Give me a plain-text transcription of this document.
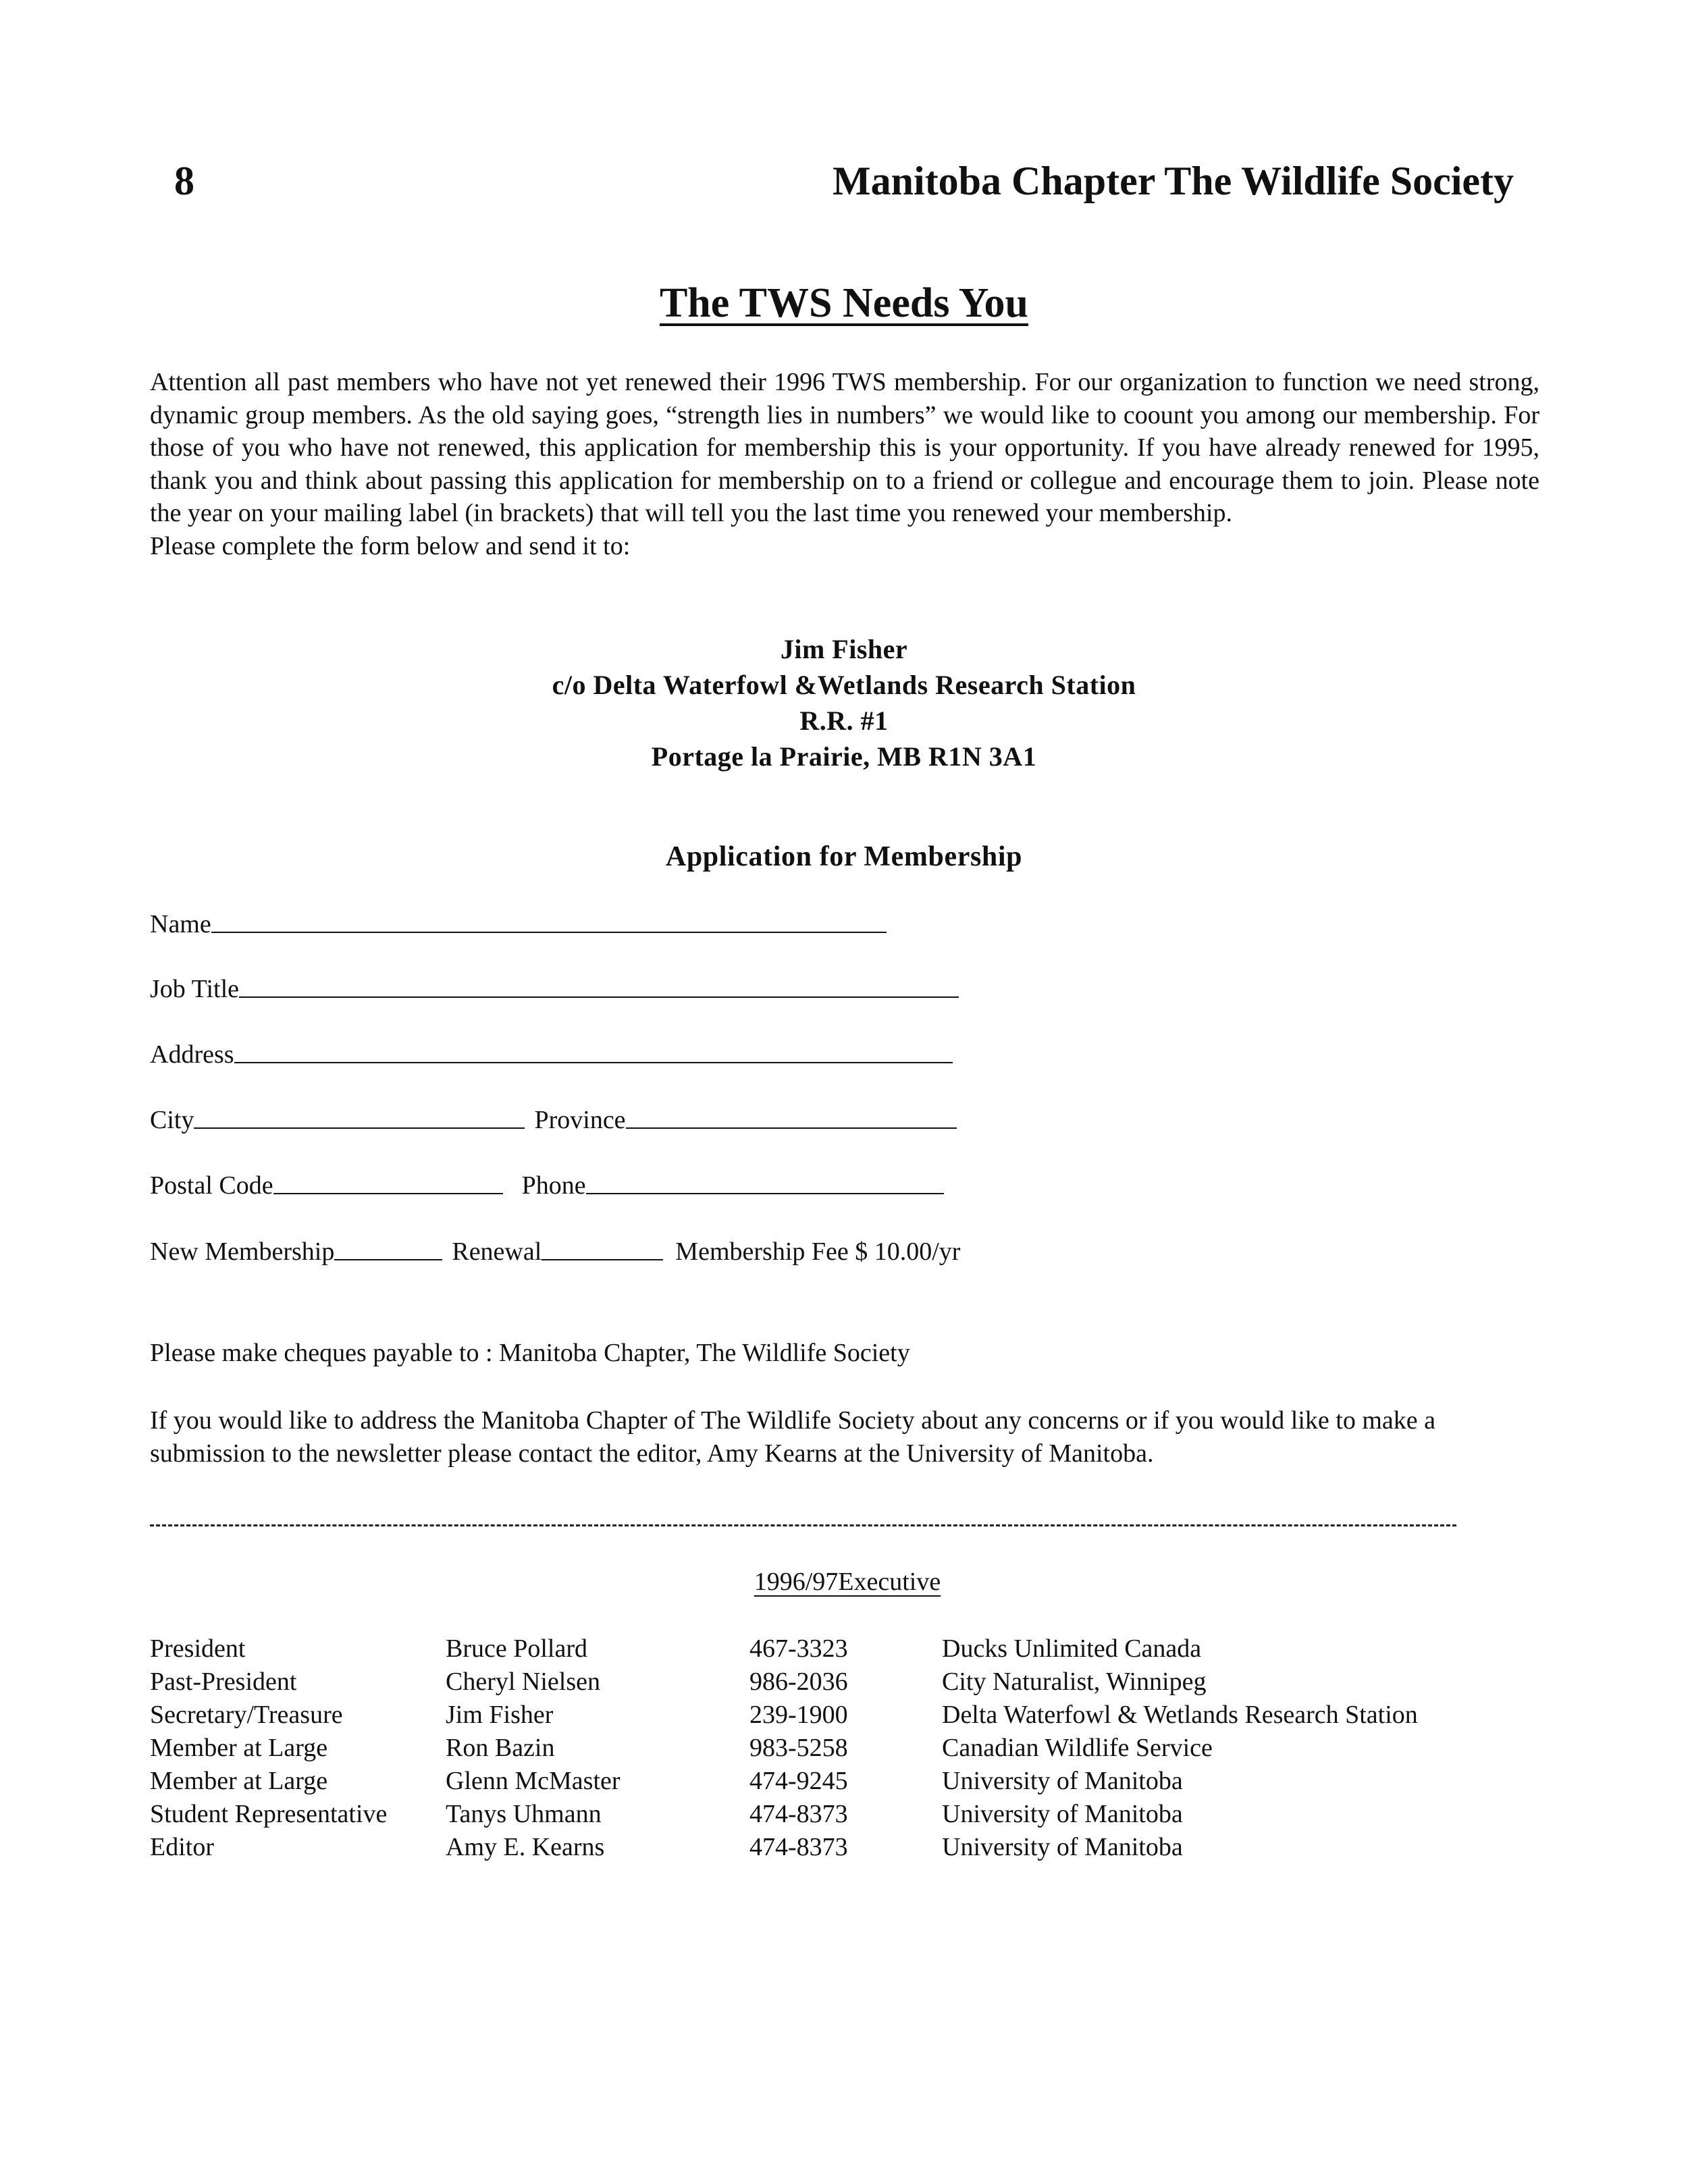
8	Manitoba Chapter The Wildlife Society
The TWS Needs You

Attention all past members who have not yet renewed their 1996 TWS membership. For our organization to function we need strong, dynamic group members. As the old saying goes, “strength lies in numbers” we would like to coount you among our membership. For those of you who have not renewed, this application for membership this is your opportunity. If you have already renewed for 1995, thank you and think about passing this application for membership on to a friend or collegue and encourage them to join. Please note the year on your mailing label (in brackets) that will tell you the last time you renewed your membership.

Please complete the form below and send it to:

Jim Fisher
c/o Delta Waterfowl &Wetlands Research Station
R.R. #1
Portage la Prairie, MB R1N 3A1
Application for Membership
Name
Job Title
Address
City	Province
Postal Code	Phone
New Membership	Renewal	Membership Fee $ 10.00/yr

Please make cheques payable to : Manitoba Chapter, The Wildlife Society

If you would like to address the Manitoba Chapter of The Wildlife Society about any concerns or if you would like to make a submission to the newsletter please contact the editor, Amy Kearns at the University of Manitoba.

1996/97Executive
President	Bruce Pollard	467-3323	Ducks Unlimited Canada
Past-President	Cheryl Nielsen	986-2036	City Naturalist, Winnipeg
Secretary/Treasure	Jim Fisher	239-1900	Delta Waterfowl & Wetlands Research Station
Member at Large	Ron Bazin	983-5258	Canadian Wildlife Service
Member at Large	Glenn McMaster	474-9245	University of Manitoba
Student Representative	Tanys Uhmann	474-8373	University of Manitoba
Editor	Amy E. Kearns	474-8373	University of Manitoba
